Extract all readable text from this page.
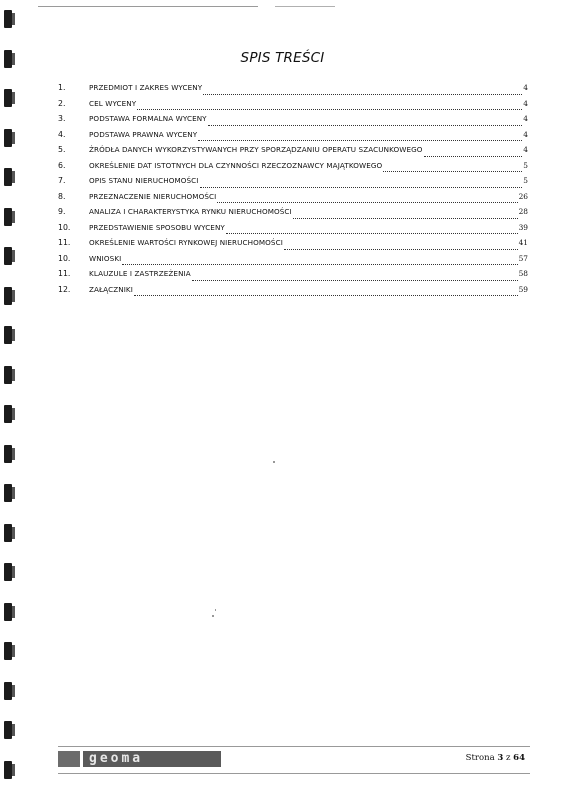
SPIS TREŚCI
1.	PRZEDMIOT I ZAKRES WYCENY	4
2.	CEL WYCENY	4
3.	PODSTAWA FORMALNA WYCENY	4
4.	PODSTAWA PRAWNA WYCENY	4
5.	ŹRÓDŁA DANYCH WYKORZYSTYWANYCH PRZY SPORZĄDZANIU OPERATU SZACUNKOWEGO	4
6.	OKREŚLENIE DAT ISTOTNYCH DLA CZYNNOŚCI RZECZOZNAWCY MAJĄTKOWEGO	5
7.	OPIS STANU NIERUCHOMOŚCI	5
8.	PRZEZNACZENIE NIERUCHOMOŚCI	26
9.	ANALIZA I CHARAKTERYSTYKA RYNKU NIERUCHOMOŚCI	28
10.	PRZEDSTAWIENIE SPOSOBU WYCENY	39
11.	OKREŚLENIE WARTOŚCI RYNKOWEJ NIERUCHOMOŚCI	41
10.	WNIOSKI	57
11.	KLAUZULE I ZASTRZEŻENIA	58
12.	ZAŁĄCZNIKI	59
geoma	Strona 3 z 64
